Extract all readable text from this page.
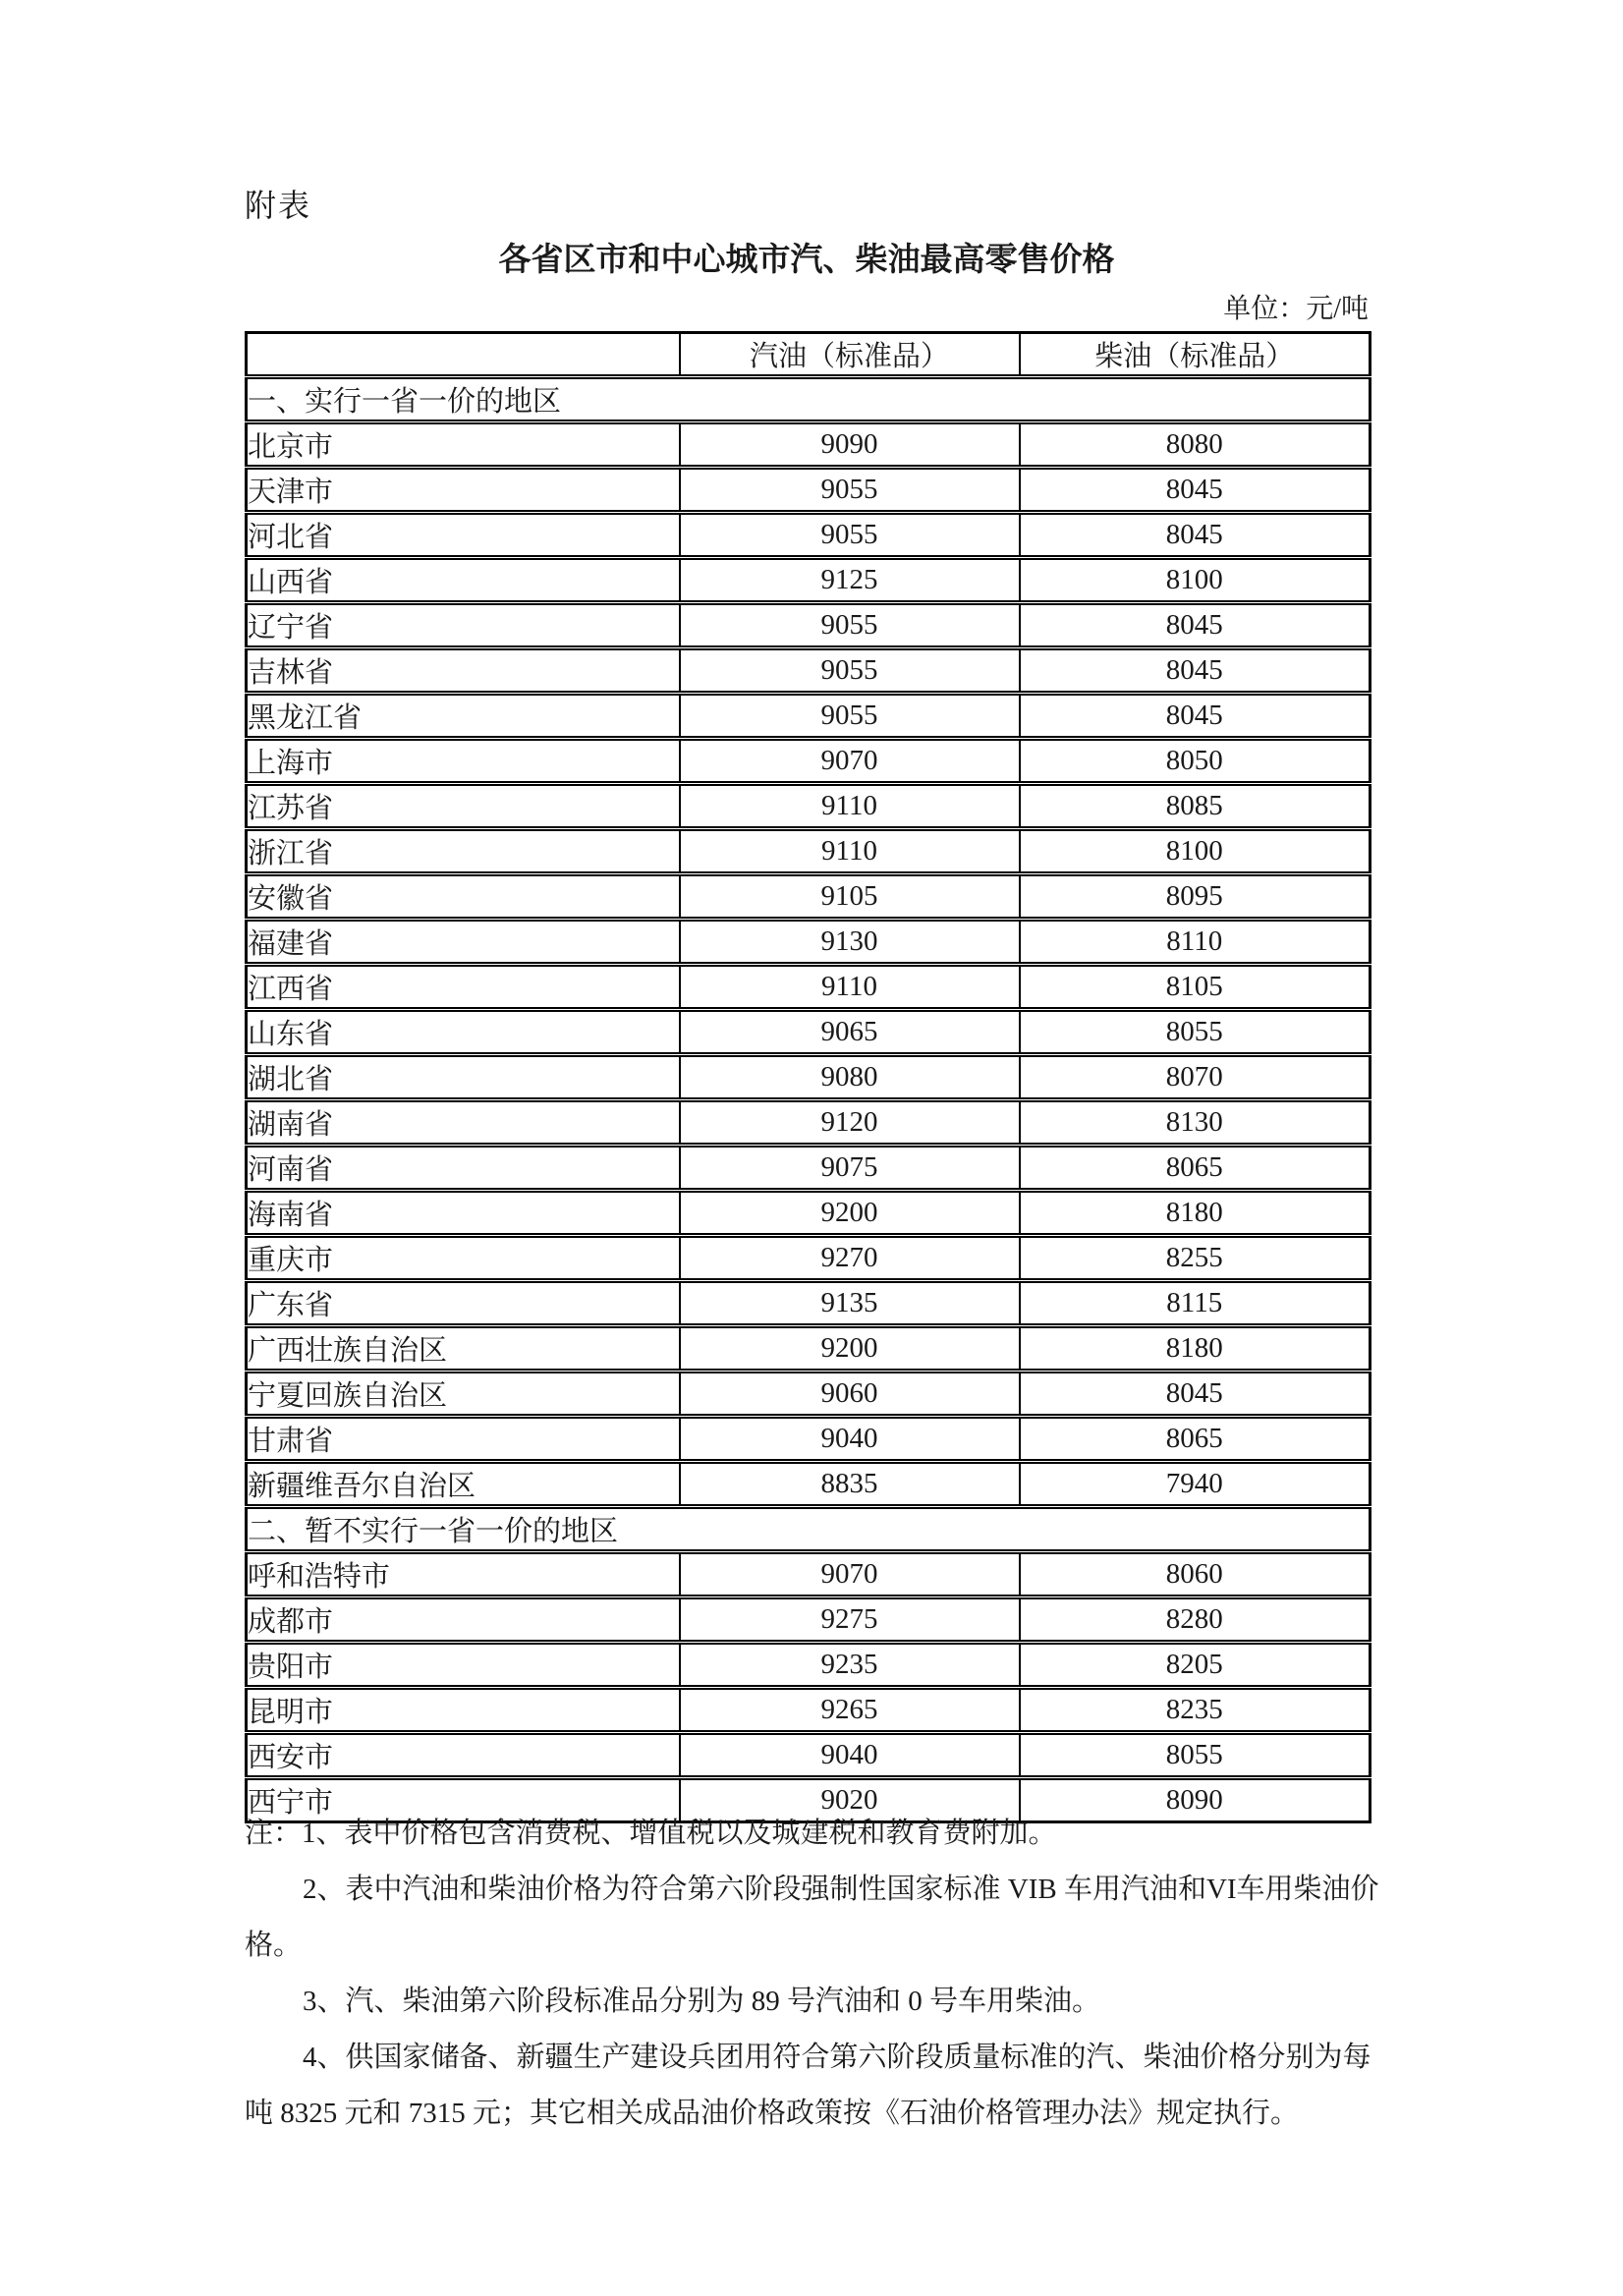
附表
各省区市和中心城市汽、柴油最高零售价格
单位：元/吨
	汽油（标准品）	柴油（标准品）
一、实行一省一价的地区		
北京市	9090	8080
天津市	9055	8045
河北省	9055	8045
山西省	9125	8100
辽宁省	9055	8045
吉林省	9055	8045
黑龙江省	9055	8045
上海市	9070	8050
江苏省	9110	8085
浙江省	9110	8100
安徽省	9105	8095
福建省	9130	8110
江西省	9110	8105
山东省	9065	8055
湖北省	9080	8070
湖南省	9120	8130
河南省	9075	8065
海南省	9200	8180
重庆市	9270	8255
广东省	9135	8115
广西壮族自治区	9200	8180
宁夏回族自治区	9060	8045
甘肃省	9040	8065
新疆维吾尔自治区	8835	7940
二、暂不实行一省一价的地区		
呼和浩特市	9070	8060
成都市	9275	8280
贵阳市	9235	8205
昆明市	9265	8235
西安市	9040	8055
西宁市	9020	8090
注：1、表中价格包含消费税、增值税以及城建税和教育费附加。
2、表中汽油和柴油价格为符合第六阶段强制性国家标准 VIB 车用汽油和VI车用柴油价
格。
3、汽、柴油第六阶段标准品分别为 89 号汽油和 0 号车用柴油。
4、供国家储备、新疆生产建设兵团用符合第六阶段质量标准的汽、柴油价格分别为每
吨 8325 元和 7315 元；其它相关成品油价格政策按《石油价格管理办法》规定执行。
